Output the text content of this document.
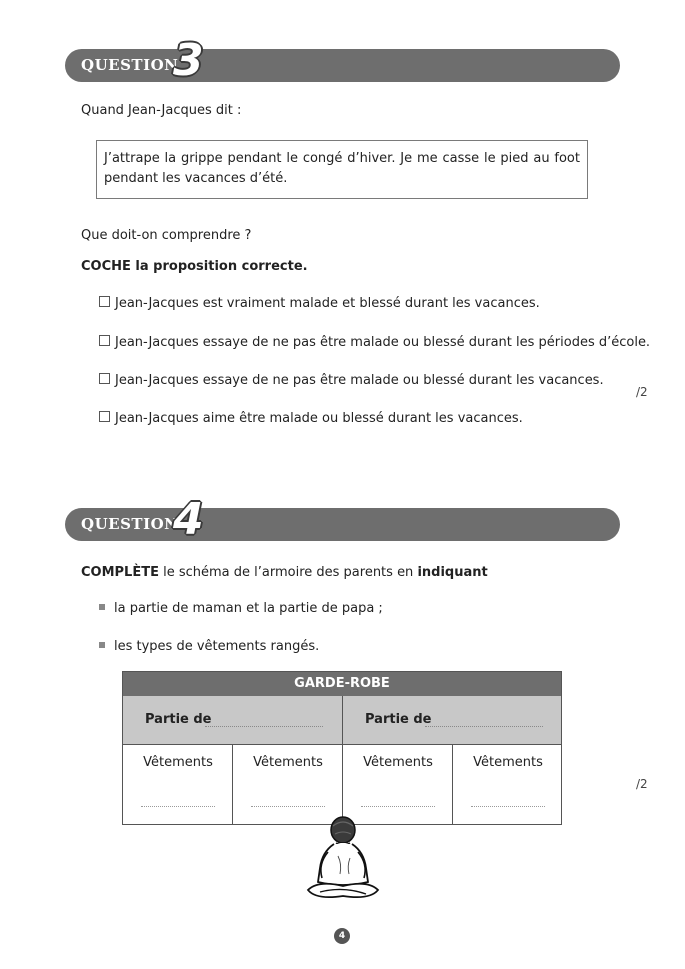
QUESTION
3
Quand Jean-Jacques dit :
J’attrape la grippe pendant le congé d’hiver. Je me casse le pied au foot pendant les vacances d’été.
Que doit-on comprendre ?
COCHE la proposition correcte.
Jean-Jacques est vraiment malade et blessé durant les vacances.
Jean-Jacques essaye de ne pas être malade ou blessé durant les périodes d’école.
Jean-Jacques essaye de ne pas être malade ou blessé durant les vacances.
Jean-Jacques aime être malade ou blessé durant les vacances.
/2
QUESTION
4
COMPLÈTE le schéma de l’armoire des parents en indiquant
la partie de maman et la partie de papa ;
les types de vêtements rangés.
GARDE-ROBE
Partie de	Partie de
Vêtements	Vêtements	Vêtements	Vêtements
/2
4
